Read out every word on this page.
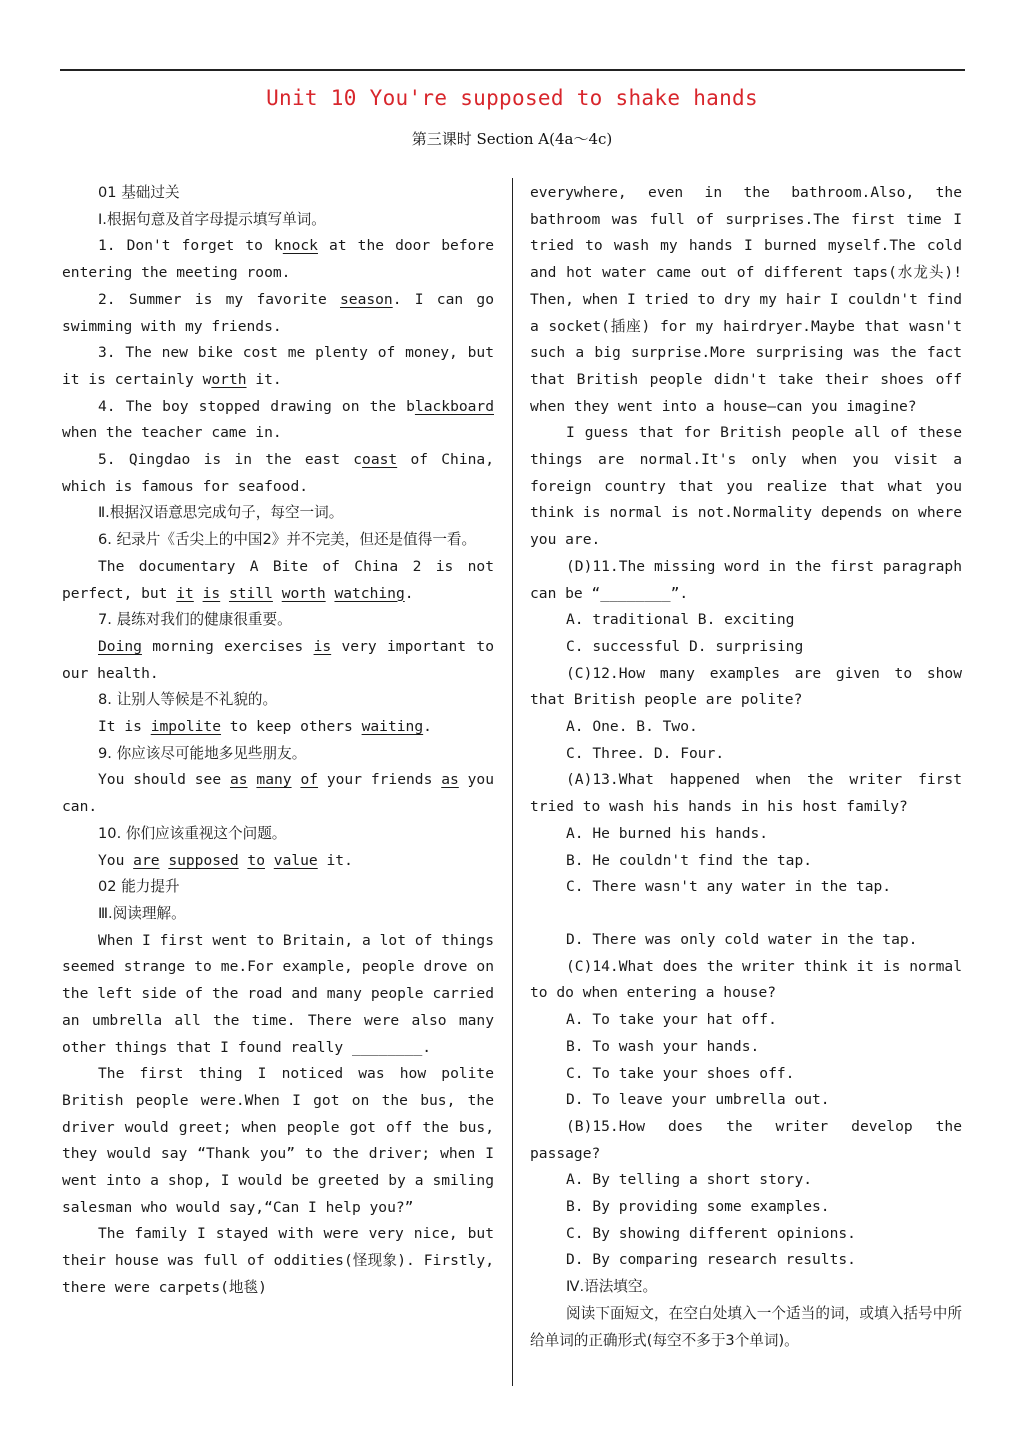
Unit 10 You're supposed to shake hands
第三课时 Section A(4a～4c)

01 基础过关

Ⅰ.根据句意及首字母提示填写单词。

1. Don't forget to knock at the door before entering the meeting room.

2. Summer is my favorite season. I can go swimming with my friends.

3. The new bike cost me plenty of money, but it is certainly worth it.

4. The boy stopped drawing on the blackboard when the teacher came in.

5. Qingdao is in the east coast of China, which is famous for seafood.

Ⅱ.根据汉语意思完成句子，每空一词。

6. 纪录片《舌尖上的中国2》并不完美，但还是值得一看。

The documentary A Bite of China 2 is not perfect, but it is still worth watching.

7. 晨练对我们的健康很重要。

Doing morning exercises is very important to our health.

8. 让别人等候是不礼貌的。

It is impolite to keep others waiting.

9. 你应该尽可能地多见些朋友。

You should see as many of your friends as you can.

10. 你们应该重视这个问题。

You are supposed to value it.

02 能力提升

Ⅲ.阅读理解。

When I first went to Britain, a lot of things seemed strange to me.For example, people drove on the left side of the road and many people carried an umbrella all the time. There were also many other things that I found really ________.

The first thing I noticed was how polite British people were.When I got on the bus, the driver would greet; when people got off the bus, they would say “Thank you” to the driver; when I went into a shop, I would be greeted by a smiling salesman who would say,“Can I help you?”

The family I stayed with were very nice, but their house was full of oddities(怪现象). Firstly, there were carpets(地毯)

everywhere, even in the bathroom.Also, the bathroom was full of surprises.The first time I tried to wash my hands I burned myself.The cold and hot water came out of different taps(水龙头)! Then, when I tried to dry my hair I couldn't find a socket(插座) for my hairdryer.Maybe that wasn't such a big surprise.More surprising was the fact that British people didn't take their shoes off when they went into a house—can you imagine?

I guess that for British people all of these things are normal.It's only when you visit a foreign country that you realize that what you think is normal is not.Normality depends on where you are.

(D)11.The missing word in the first paragraph can be “________”.

A. traditional B. exciting

C. successful D. surprising

(C)12.How many examples are given to show that British people are polite?

A. One. B. Two.

C. Three. D. Four.

(A)13.What happened when the writer first tried to wash his hands in his host family?

A. He burned his hands.

B. He couldn't find the tap.

C. There wasn't any water in the tap.

D. There was only cold water in the tap.

(C)14.What does the writer think it is normal to do when entering a house?

A. To take your hat off.

B. To wash your hands.

C. To take your shoes off.

D. To leave your umbrella out.

(B)15.How does the writer develop the passage?

A. By telling a short story.

B. By providing some examples.

C. By showing different opinions.

D. By comparing research results.

Ⅳ.语法填空。

阅读下面短文，在空白处填入一个适当的词，或填入括号中所给单词的正确形式(每空不多于3个单词)。
